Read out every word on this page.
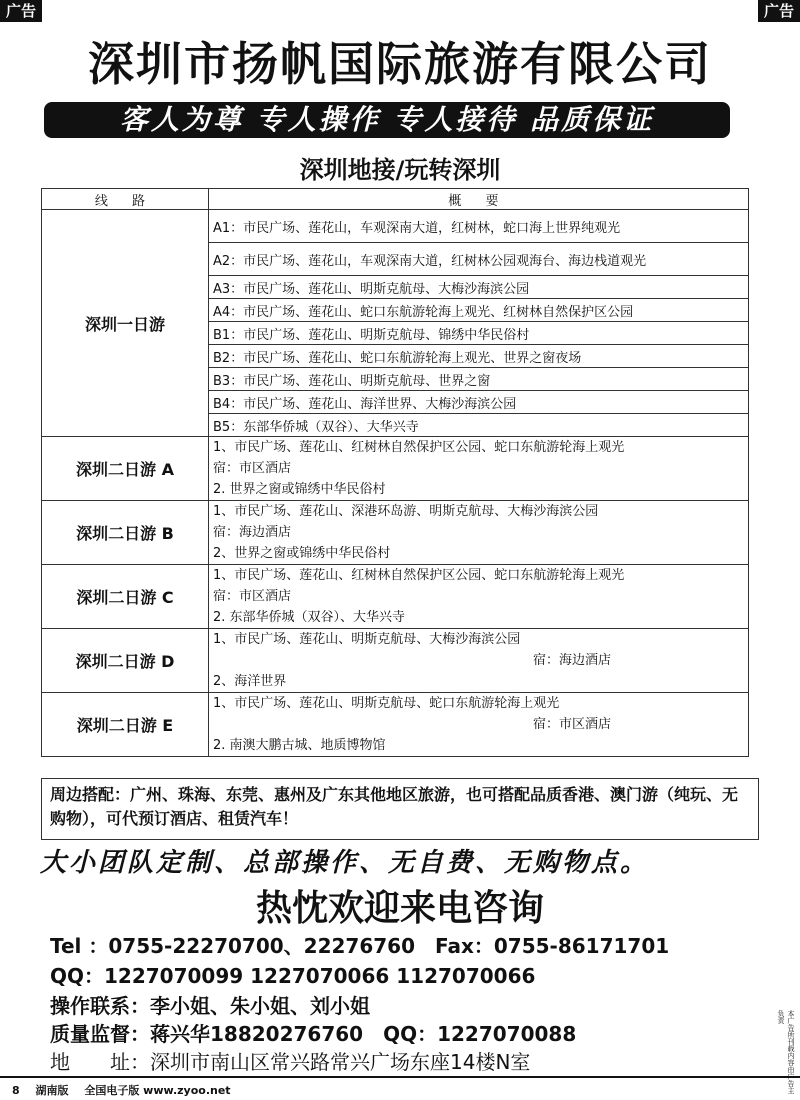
广告	广告
深圳市扬帆国际旅游有限公司
客人为尊 专人操作 专人接待 品质保证
深圳地接/玩转深圳
线 路	概 要
深圳一日游	A1：市民广场、莲花山，车观深南大道，红树林，蛇口海上世界纯观光
	A2：市民广场、莲花山，车观深南大道，红树林公园观海台、海边栈道观光
	A3：市民广场、莲花山、明斯克航母、大梅沙海滨公园
	A4：市民广场、莲花山、蛇口东航游轮海上观光、红树林自然保护区公园
	B1：市民广场、莲花山、明斯克航母、锦绣中华民俗村
	B2：市民广场、莲花山、蛇口东航游轮海上观光、世界之窗夜场
	B3：市民广场、莲花山、明斯克航母、世界之窗
	B4：市民广场、莲花山、海洋世界、大梅沙海滨公园
	B5：东部华侨城（双谷）、大华兴寺
深圳二日游 A	1、市民广场、莲花山、红树林自然保护区公园、蛇口东航游轮海上观光
宿：市区酒店
2. 世界之窗或锦绣中华民俗村

深圳二日游 B	1、市民广场、莲花山、深港环岛游、明斯克航母、大梅沙海滨公园
宿：海边酒店
2、世界之窗或锦绣中华民俗村

深圳二日游 C	1、市民广场、莲花山、红树林自然保护区公园、蛇口东航游轮海上观光
宿：市区酒店
2. 东部华侨城（双谷）、大华兴寺

深圳二日游 D	1、市民广场、莲花山、明斯克航母、大梅沙海滨公园
宿：海边酒店
2、海洋世界

深圳二日游 E	1、市民广场、莲花山、明斯克航母、蛇口东航游轮海上观光
宿：市区酒店
2. 南澳大鹏古城、地质博物馆
周边搭配：广州、珠海、东莞、惠州及广东其他地区旅游，也可搭配品质香港、澳门游（纯玩、无购物），可代预订酒店、租赁汽车！
大小团队定制、总部操作、无自费、无购物点。
热忱欢迎来电咨询
Tel ：0755-22270700、22276760　Fax：0755-86171701
QQ：1227070099 1227070066 1127070066
操作联系：李小姐、朱小姐、刘小姐
质量监督：蒋兴华18820276760　QQ：1227070088
地　　址：深圳市南山区常兴路常兴广场东座14楼N室
8 湖南版 全国电子版 www.zyoo.net	本广告所刊载内容由广告主负责
